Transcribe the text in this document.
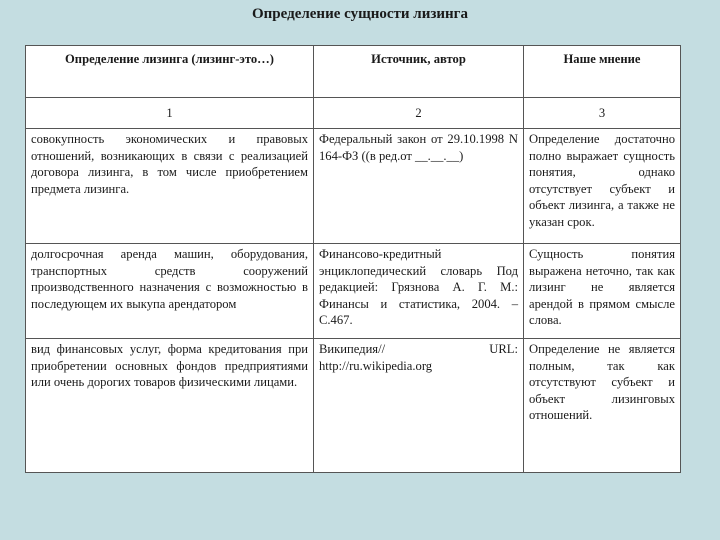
Определение сущности лизинга
Определение лизинга (лизинг-это…)	Источник, автор	Наше мнение
1	2	3
совокупность экономических и правовых отношений, возникающих в связи с реализацией договора лизинга, в том числе приобретением предмета лизинга.	Федеральный закон от 29.10.1998 N 164-ФЗ ((в ред.от __.__.__)	Определение достаточно полно выражает сущность понятия, однако отсутствует субъект и объект лизинга, а также не указан срок.
долгосрочная аренда машин, оборудования, транспортных средств сооружений производственного назначения с возможностью в последующем их выкупа арендатором	Финансово-кредитный энциклопедический словарь Под редакцией: Грязнова А. Г. М.: Финансы и статистика, 2004. – С.467.	Сущность понятия выражена неточно, так как лизинг не является арендой в прямом смысле слова.
вид финансовых услуг, форма кредитования при приобретении основных фондов предприятиями или очень дорогих товаров физическими лицами.	Википедия// URL: http://ru.wikipedia.org	Определение не является полным, так как отсутствуют субъект и объект лизинговых отношений.
